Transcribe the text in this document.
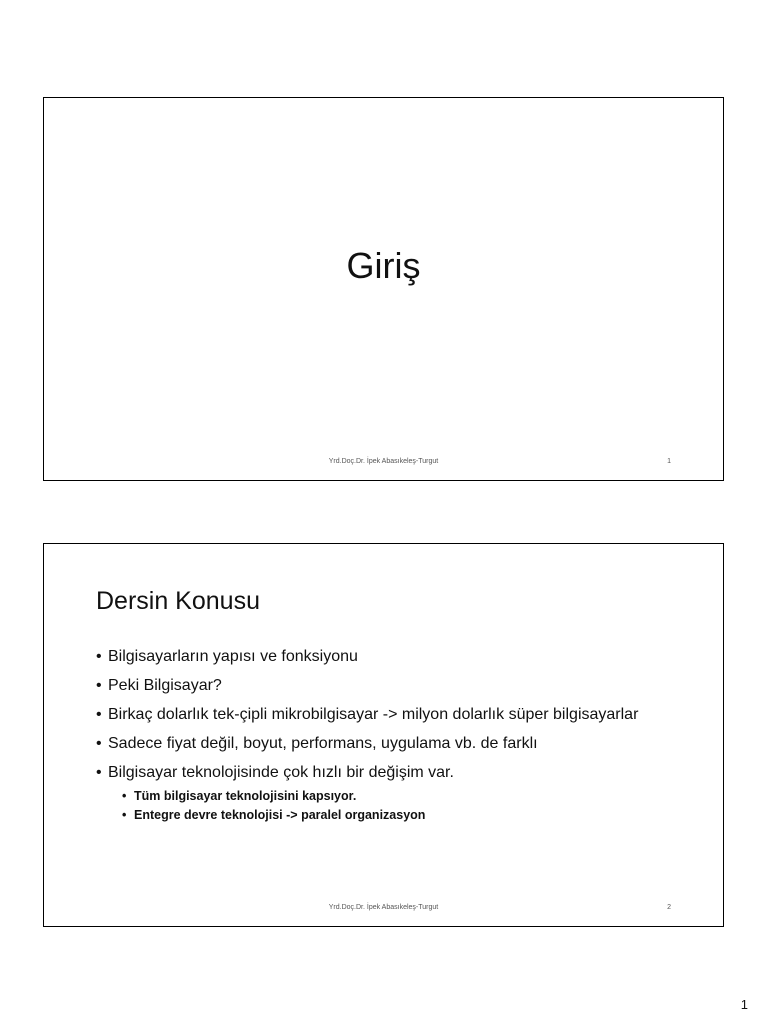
Giriş
Yrd.Doç.Dr. İpek Abasıkeleş-Turgut	1
Dersin Konusu
• Bilgisayarların yapısı ve fonksiyonu
• Peki Bilgisayar?
• Birkaç dolarlık tek-çipli mikrobilgisayar -> milyon dolarlık süper bilgisayarlar
• Sadece fiyat değil, boyut, performans, uygulama vb. de farklı
• Bilgisayar teknolojisinde çok hızlı bir değişim var.
• Tüm bilgisayar teknolojisini kapsıyor.
• Entegre devre teknolojisi -> paralel organizasyon
Yrd.Doç.Dr. İpek Abasıkeleş-Turgut	2
1
